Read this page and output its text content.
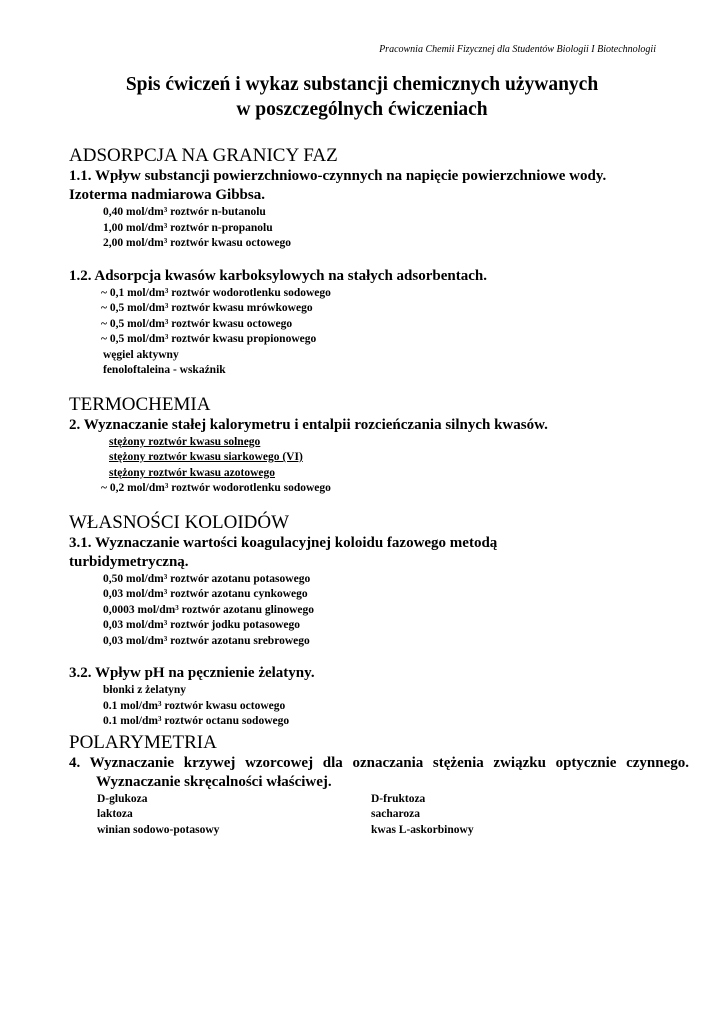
Pracownia Chemii Fizycznej dla Studentów Biologii I Biotechnologii
Spis ćwiczeń i wykaz substancji chemicznych używanych
w poszczególnych ćwiczeniach
ADSORPCJA NA GRANICY FAZ
1.1. Wpływ substancji powierzchniowo-czynnych na napięcie powierzchniowe wody.
Izoterma nadmiarowa Gibbsa.
0,40 mol/$dm^3$ roztwór n-butanolu
1,00 mol/$dm^3$ roztwór n-propanolu
2,00 mol/$dm^3$ roztwór kwasu octowego
1.2. Adsorpcja kwasów karboksylowych na stałych adsorbentach.
~ 0,1 mol/$dm^3$ roztwór wodorotlenku sodowego
~ 0,5 mol/$dm^3$ roztwór kwasu mrówkowego
~ 0,5 mol/$dm^3$ roztwór kwasu octowego
~ 0,5 mol/$dm^3$ roztwór kwasu propionowego
węgiel aktywny
fenoloftaleina - wskaźnik
TERMOCHEMIA
2. Wyznaczanie stałej kalorymetru i entalpii rozcieńczania silnych kwasów.
stężony roztwór kwasu solnego
stężony roztwór kwasu siarkowego (VI)
stężony roztwór kwasu azotowego
~ 0,2 mol/$dm^3$ roztwór wodorotlenku sodowego
WŁASNOŚCI KOLOIDÓW
3.1. Wyznaczanie wartości koagulacyjnej koloidu fazowego metodą
turbidymetryczną.
0,50 mol/$dm^3$ roztwór azotanu potasowego
0,03 mol/$dm^3$ roztwór azotanu cynkowego
0,0003 mol/$dm^3$ roztwór azotanu glinowego
0,03 mol/$dm^3$ roztwór jodku potasowego
0,03 mol/$dm^3$ roztwór azotanu srebrowego
3.2. Wpływ pH na pęcznienie żelatyny.
błonki z żelatyny
0.1 mol/$dm^3$ roztwór kwasu octowego
0.1 mol/$dm^3$ roztwór octanu sodowego
POLARYMETRIA
4. Wyznaczanie krzywej wzorcowej dla oznaczania stężenia związku optycznie czynnego. Wyznaczanie skręcalności właściwej.
D-glukoza	D-fruktoza
laktoza	sacharoza
winian sodowo-potasowy	kwas L-askorbinowy
